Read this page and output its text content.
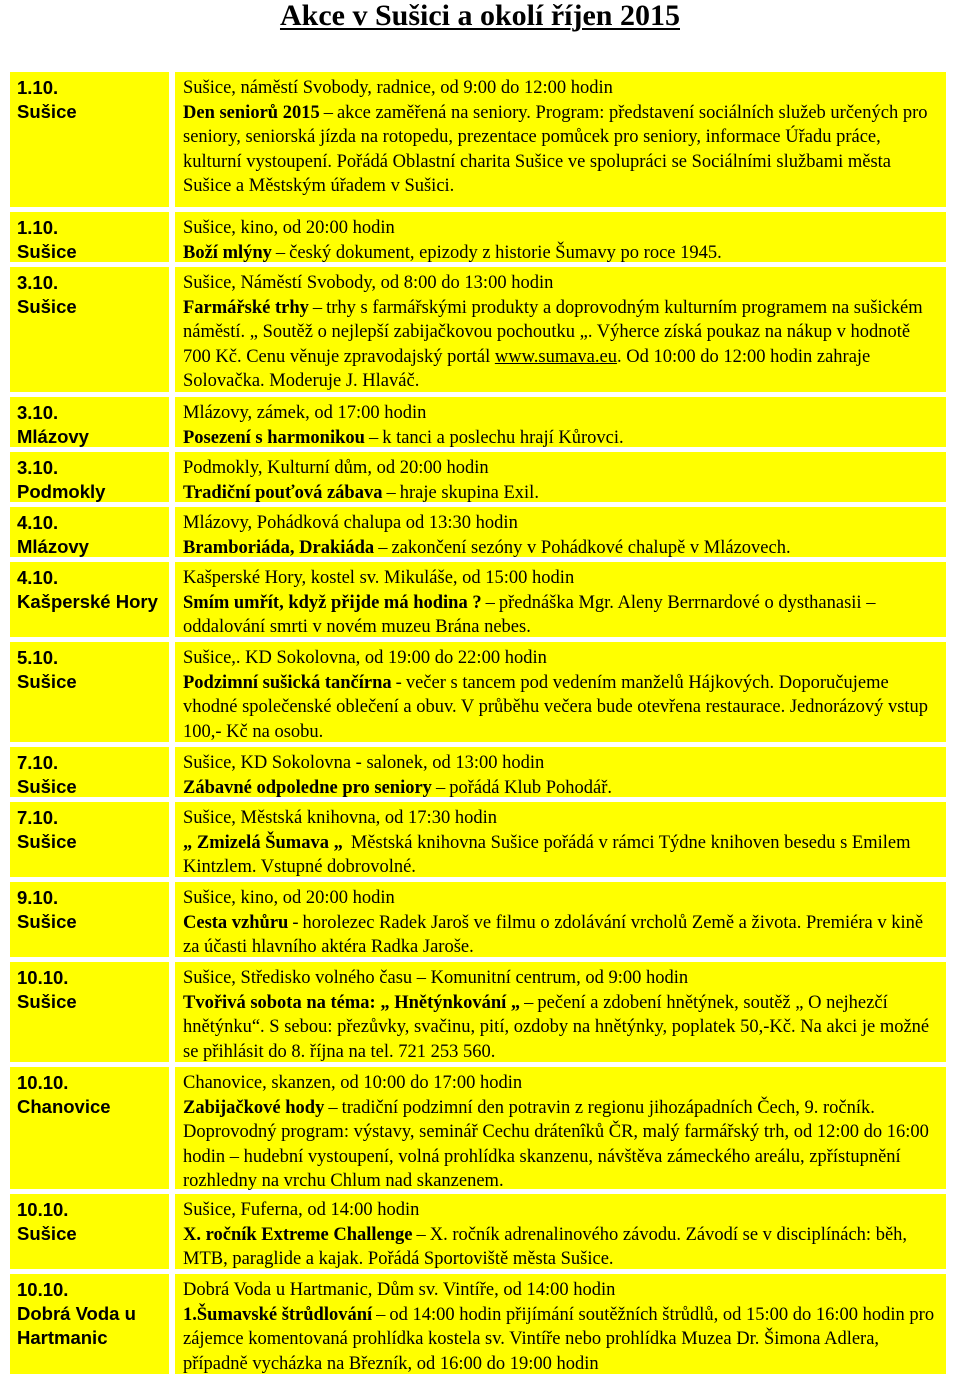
Akce v Sušici a okolí říjen 2015
1.10.
Sušice
Sušice, náměstí Svobody, radnice, od 9:00 do 12:00 hodin
Den seniorů 2015 – akce zaměřená na seniory. Program: představení sociálních služeb určených pro seniory, seniorská jízda na rotopedu, prezentace pomůcek pro seniory, informace Úřadu práce, kulturní vystoupení. Pořádá Oblastní charita Sušice ve spolupráci se Sociálními službami města Sušice a Městským úřadem v Sušici.
1.10.
Sušice
Sušice, kino, od 20:00 hodin
Boží mlýny – český dokument, epizody z historie Šumavy po roce 1945.
3.10.
Sušice
Sušice, Náměstí Svobody, od 8:00 do 13:00 hodin
Farmářské trhy – trhy s farmářskými produkty a doprovodným kulturním programem na sušickém náměstí. „ Soutěž o nejlepší zabijačkovou pochoutku „. Výherce získá poukaz na nákup v hodnotě 700 Kč. Cenu věnuje zpravodajský portál www.sumava.eu. Od 10:00 do 12:00 hodin zahraje Solovačka. Moderuje J. Hlaváč.
3.10.
Mlázovy
Mlázovy, zámek, od 17:00 hodin
Posezení s harmonikou – k tanci a poslechu hrají Kůrovci.
3.10.
Podmokly
Podmokly, Kulturní dům, od 20:00 hodin
Tradiční pouťová zábava – hraje skupina Exil.
4.10.
Mlázovy
Mlázovy, Pohádková chalupa od 13:30 hodin
Bramboriáda, Drakiáda – zakončení sezóny v Pohádkové chalupě v Mlázovech.
4.10.
Kašperské Hory
Kašperské Hory, kostel sv. Mikuláše, od 15:00 hodin
Smím umřít, když přijde má hodina ? – přednáška Mgr. Aleny Berrnardové o dysthanasii – oddalování smrti v novém muzeu Brána nebes.
5.10.
Sušice
Sušice,. KD Sokolovna, od 19:00 do 22:00 hodin
Podzimní sušická tančírna - večer s tancem pod vedením manželů Hájkových. Doporučujeme vhodné společenské oblečení a obuv. V průběhu večera bude otevřena restaurace. Jednorázový vstup 100,- Kč na osobu.
7.10.
Sušice
Sušice, KD Sokolovna - salonek, od 13:00 hodin
Zábavné odpoledne pro seniory – pořádá Klub Pohodář.
7.10.
Sušice
Sušice, Městská knihovna, od 17:30 hodin
„ Zmizelá Šumava „ Městská knihovna Sušice pořádá v rámci Týdne knihoven besedu s Emilem Kintzlem. Vstupné dobrovolné.
9.10.
Sušice
Sušice, kino, od 20:00 hodin
Cesta vzhůru - horolezec Radek Jaroš ve filmu o zdolávání vrcholů Země a života. Premiéra v kině za účasti hlavního aktéra Radka Jaroše.
10.10.
Sušice
Sušice, Středisko volného času – Komunitní centrum, od 9:00 hodin
Tvořivá sobota na téma: „ Hnětýnkování „ – pečení a zdobení hnětýnek, soutěž „ O nejhezčí hnětýnku“. S sebou: přezůvky, svačinu, pití, ozdoby na hnětýnky, poplatek 50,-Kč. Na akci je možné se přihlásit do 8. října na tel. 721 253 560.
10.10.
Chanovice
Chanovice, skanzen, od 10:00 do 17:00 hodin
Zabijačkové hody – tradiční podzimní den potravin z regionu jihozápadních Čech, 9. ročník. Doprovodný program: výstavy, seminář Cechu drátenîků ČR, malý farmářský trh, od 12:00 do 16:00 hodin – hudební vystoupení, volná prohlídka skanzenu, návštěva zámeckého areálu, zpřístupnění rozhledny na vrchu Chlum nad skanzenem.
10.10.
Sušice
Sušice, Fuferna, od 14:00 hodin
X. ročník Extreme Challenge – X. ročník adrenalinového závodu. Závodí se v disciplínách: běh, MTB, paraglide a kajak. Pořádá Sportoviště města Sušice.
10.10.
Dobrá Voda u Hartmanic
Dobrá Voda u Hartmanic, Dům sv. Vintíře, od 14:00 hodin
1.Šumavské štrůdlování – od 14:00 hodin přijímání soutěžních štrůdlů, od 15:00 do 16:00 hodin pro zájemce komentovaná prohlídka kostela sv. Vintíře nebo prohlídka Muzea Dr. Šimona Adlera, případně vycházka na Březník, od 16:00 do 19:00 hodin
